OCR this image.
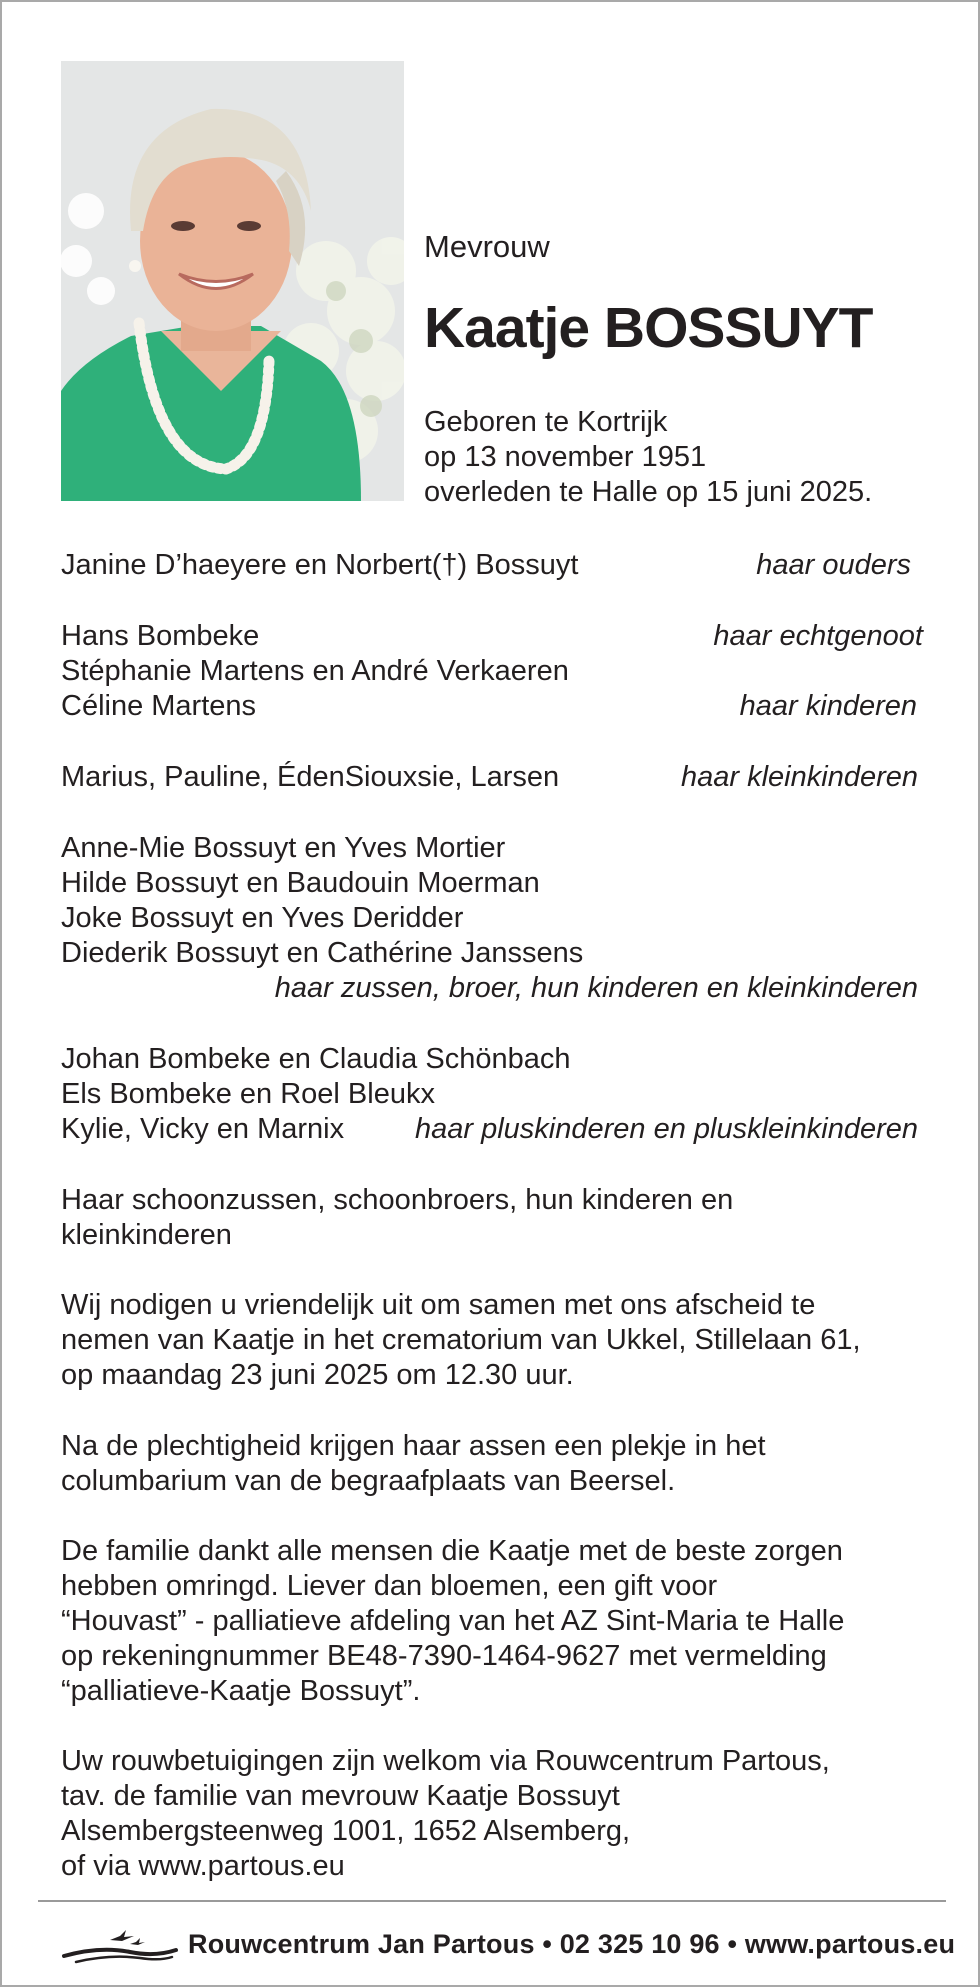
Mevrouw
Kaatje BOSSUYT

Geboren te Kortrijk

op 13 november 1951

overleden te Halle op 15 juni 2025.

Janine D’haeyere en Norbert(†) Bossuyt	haar ouders
Hans Bombeke	haar echtgenoot
Stéphanie Martens en André Verkaeren
Céline Martens	haar kinderen
Marius, Pauline, ÉdenSiouxsie, Larsen	haar kleinkinderen
Anne-Mie Bossuyt en Yves Mortier
Hilde Bossuyt en Baudouin Moerman
Joke Bossuyt en Yves Deridder
Diederik Bossuyt en Cathérine Janssens
haar zussen, broer, hun kinderen en kleinkinderen
Johan Bombeke en Claudia Schönbach
Els Bombeke en Roel Bleukx
Kylie, Vicky en Marnix haar pluskinderen en pluskleinkinderen

Haar schoonzussen, schoonbroers, hun kinderen en

kleinkinderen

Wij nodigen u vriendelijk uit om samen met ons afscheid te

nemen van Kaatje in het crematorium van Ukkel, Stillelaan 61,

op maandag 23 juni 2025 om 12.30 uur.

Na de plechtigheid krijgen haar assen een plekje in het

columbarium van de begraafplaats van Beersel.

De familie dankt alle mensen die Kaatje met de beste zorgen

hebben omringd. Liever dan bloemen, een gift voor

“Houvast” - palliatieve afdeling van het AZ Sint-Maria te Halle

op rekeningnummer BE48-7390-1464-9627 met vermelding

“palliatieve-Kaatje Bossuyt”.

Uw rouwbetuigingen zijn welkom via Rouwcentrum Partous,

tav. de familie van mevrouw Kaatje Bossuyt

Alsembergsteenweg 1001, 1652 Alsemberg,

of via www.partous.eu

Rouwcentrum Jan Partous • 02 325 10 96 • www.partous.eu
